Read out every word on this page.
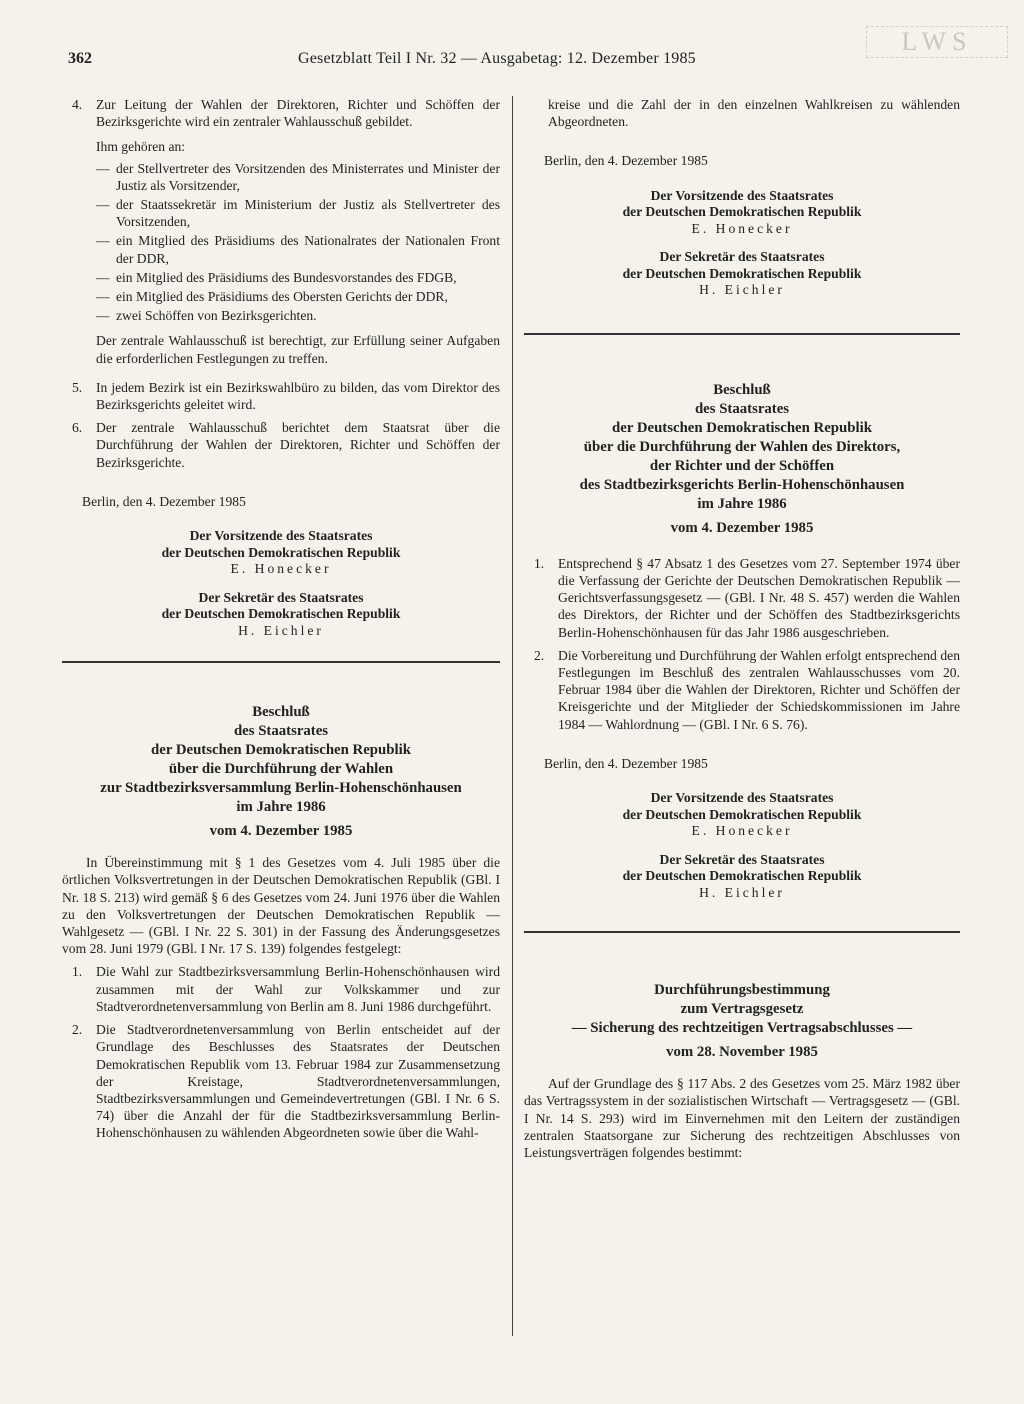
362	Gesetzblatt Teil I Nr. 32 — Ausgabetag: 12. Dezember 1985
LWS
4. Zur Leitung der Wahlen der Direktoren, Richter und Schöffen der Bezirksgerichte wird ein zentraler Wahlausschuß gebildet.
Ihm gehören an:
— der Stellvertreter des Vorsitzenden des Ministerrates und Minister der Justiz als Vorsitzender,
— der Staatssekretär im Ministerium der Justiz als Stellvertreter des Vorsitzenden,
— ein Mitglied des Präsidiums des Nationalrates der Nationalen Front der DDR,
— ein Mitglied des Präsidiums des Bundesvorstandes des FDGB,
— ein Mitglied des Präsidiums des Obersten Gerichts der DDR,
— zwei Schöffen von Bezirksgerichten.

Der zentrale Wahlausschuß ist berechtigt, zur Erfüllung seiner Aufgaben die erforderlichen Festlegungen zu treffen.

5. In jedem Bezirk ist ein Bezirkswahlbüro zu bilden, das vom Direktor des Bezirksgerichts geleitet wird.
6. Der zentrale Wahlausschuß berichtet dem Staatsrat über die Durchführung der Wahlen der Direktoren, Richter und Schöffen der Bezirksgerichte.
Berlin, den 4. Dezember 1985
Der Vorsitzende des Staatsrates
der Deutschen Demokratischen Republik
E. Honecker
Der Sekretär des Staatsrates
der Deutschen Demokratischen Republik
H. Eichler
Beschluß
des Staatsrates
der Deutschen Demokratischen Republik
über die Durchführung der Wahlen
zur Stadtbezirksversammlung Berlin-Hohenschönhausen
im Jahre 1986
vom 4. Dezember 1985

In Übereinstimmung mit § 1 des Gesetzes vom 4. Juli 1985 über die örtlichen Volksvertretungen in der Deutschen Demokratischen Republik (GBl. I Nr. 18 S. 213) wird gemäß § 6 des Gesetzes vom 24. Juni 1976 über die Wahlen zu den Volksvertretungen der Deutschen Demokratischen Republik — Wahlgesetz — (GBl. I Nr. 22 S. 301) in der Fassung des Änderungsgesetzes vom 28. Juni 1979 (GBl. I Nr. 17 S. 139) folgendes festgelegt:

1. Die Wahl zur Stadtbezirksversammlung Berlin-Hohenschönhausen wird zusammen mit der Wahl zur Volkskammer und zur Stadtverordnetenversammlung von Berlin am 8. Juni 1986 durchgeführt.
2. Die Stadtverordnetenversammlung von Berlin entscheidet auf der Grundlage des Beschlusses des Staatsrates der Deutschen Demokratischen Republik vom 13. Februar 1984 zur Zusammensetzung der Kreistage, Stadtverordnetenversammlungen, Stadtbezirksversammlungen und Gemeindevertretungen (GBl. I Nr. 6 S. 74) über die Anzahl der für die Stadtbezirksversammlung Berlin-Hohenschönhausen zu wählenden Abgeordneten sowie über die Wahl-

kreise und die Zahl der in den einzelnen Wahlkreisen zu wählenden Abgeordneten.

Berlin, den 4. Dezember 1985
Der Vorsitzende des Staatsrates
der Deutschen Demokratischen Republik
E. Honecker
Der Sekretär des Staatsrates
der Deutschen Demokratischen Republik
H. Eichler
Beschluß
des Staatsrates
der Deutschen Demokratischen Republik
über die Durchführung der Wahlen des Direktors,
der Richter und der Schöffen
des Stadtbezirksgerichts Berlin-Hohenschönhausen
im Jahre 1986
vom 4. Dezember 1985
1. Entsprechend § 47 Absatz 1 des Gesetzes vom 27. September 1974 über die Verfassung der Gerichte der Deutschen Demokratischen Republik — Gerichtsverfassungsgesetz — (GBl. I Nr. 48 S. 457) werden die Wahlen des Direktors, der Richter und der Schöffen des Stadtbezirksgerichts Berlin-Hohenschönhausen für das Jahr 1986 ausgeschrieben.
2. Die Vorbereitung und Durchführung der Wahlen erfolgt entsprechend den Festlegungen im Beschluß des zentralen Wahlausschusses vom 20. Februar 1984 über die Wahlen der Direktoren, Richter und Schöffen der Kreisgerichte und der Mitglieder der Schiedskommissionen im Jahre 1984 — Wahlordnung — (GBl. I Nr. 6 S. 76).
Berlin, den 4. Dezember 1985
Der Vorsitzende des Staatsrates
der Deutschen Demokratischen Republik
E. Honecker
Der Sekretär des Staatsrates
der Deutschen Demokratischen Republik
H. Eichler
Durchführungsbestimmung
zum Vertragsgesetz
— Sicherung des rechtzeitigen Vertragsabschlusses —
vom 28. November 1985

Auf der Grundlage des § 117 Abs. 2 des Gesetzes vom 25. März 1982 über das Vertragssystem in der sozialistischen Wirtschaft — Vertragsgesetz — (GBl. I Nr. 14 S. 293) wird im Einvernehmen mit den Leitern der zuständigen zentralen Staatsorgane zur Sicherung des rechtzeitigen Abschlusses von Leistungsverträgen folgendes bestimmt:
